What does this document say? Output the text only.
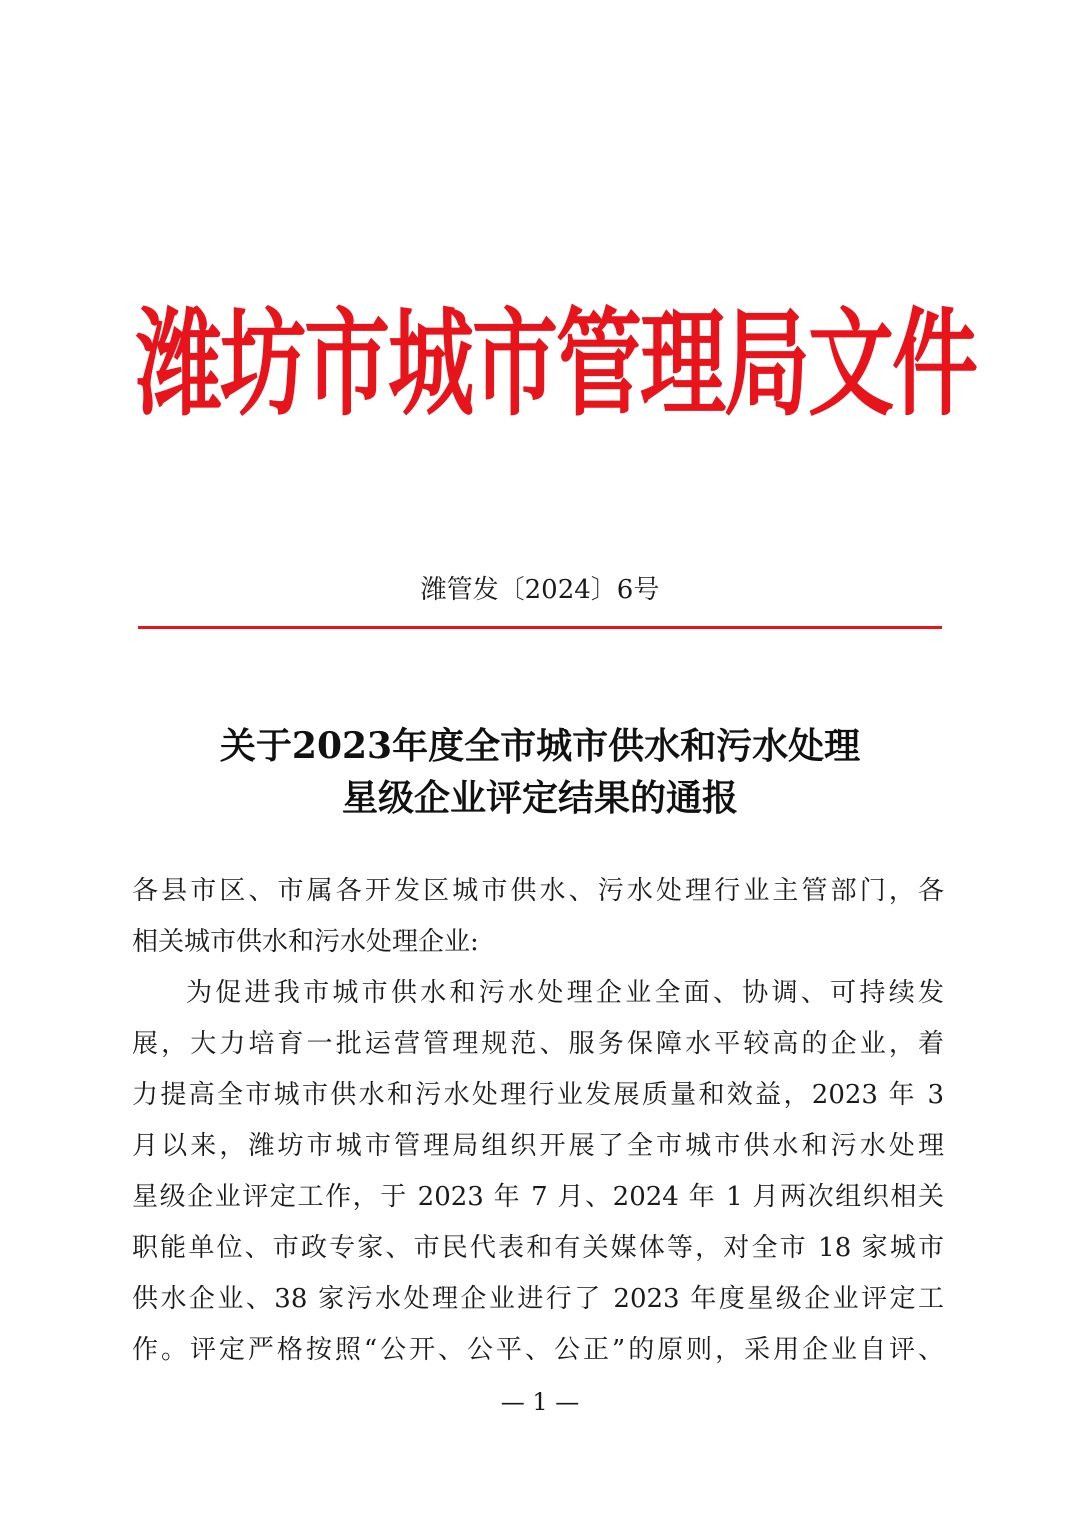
潍坊市城市管理局文件
潍管发〔2024〕6号
关于2023年度全市城市供水和污水处理
星级企业评定结果的通报
各县市区、市属各开发区城市供水、污水处理行业主管部门，各
相关城市供水和污水处理企业:
为促进我市城市供水和污水处理企业全面、协调、可持续发
展，大力培育一批运营管理规范、服务保障水平较高的企业，着
力提高全市城市供水和污水处理行业发展质量和效益，2023 年 3
月以来，潍坊市城市管理局组织开展了全市城市供水和污水处理
星级企业评定工作，于 2023 年 7 月、2024 年 1 月两次组织相关
职能单位、市政专家、市民代表和有关媒体等，对全市 18 家城市
供水企业、38 家污水处理企业进行了 2023 年度星级企业评定工
作。评定严格按照“公开、公平、公正”的原则，采用企业自评、
— 1 —
